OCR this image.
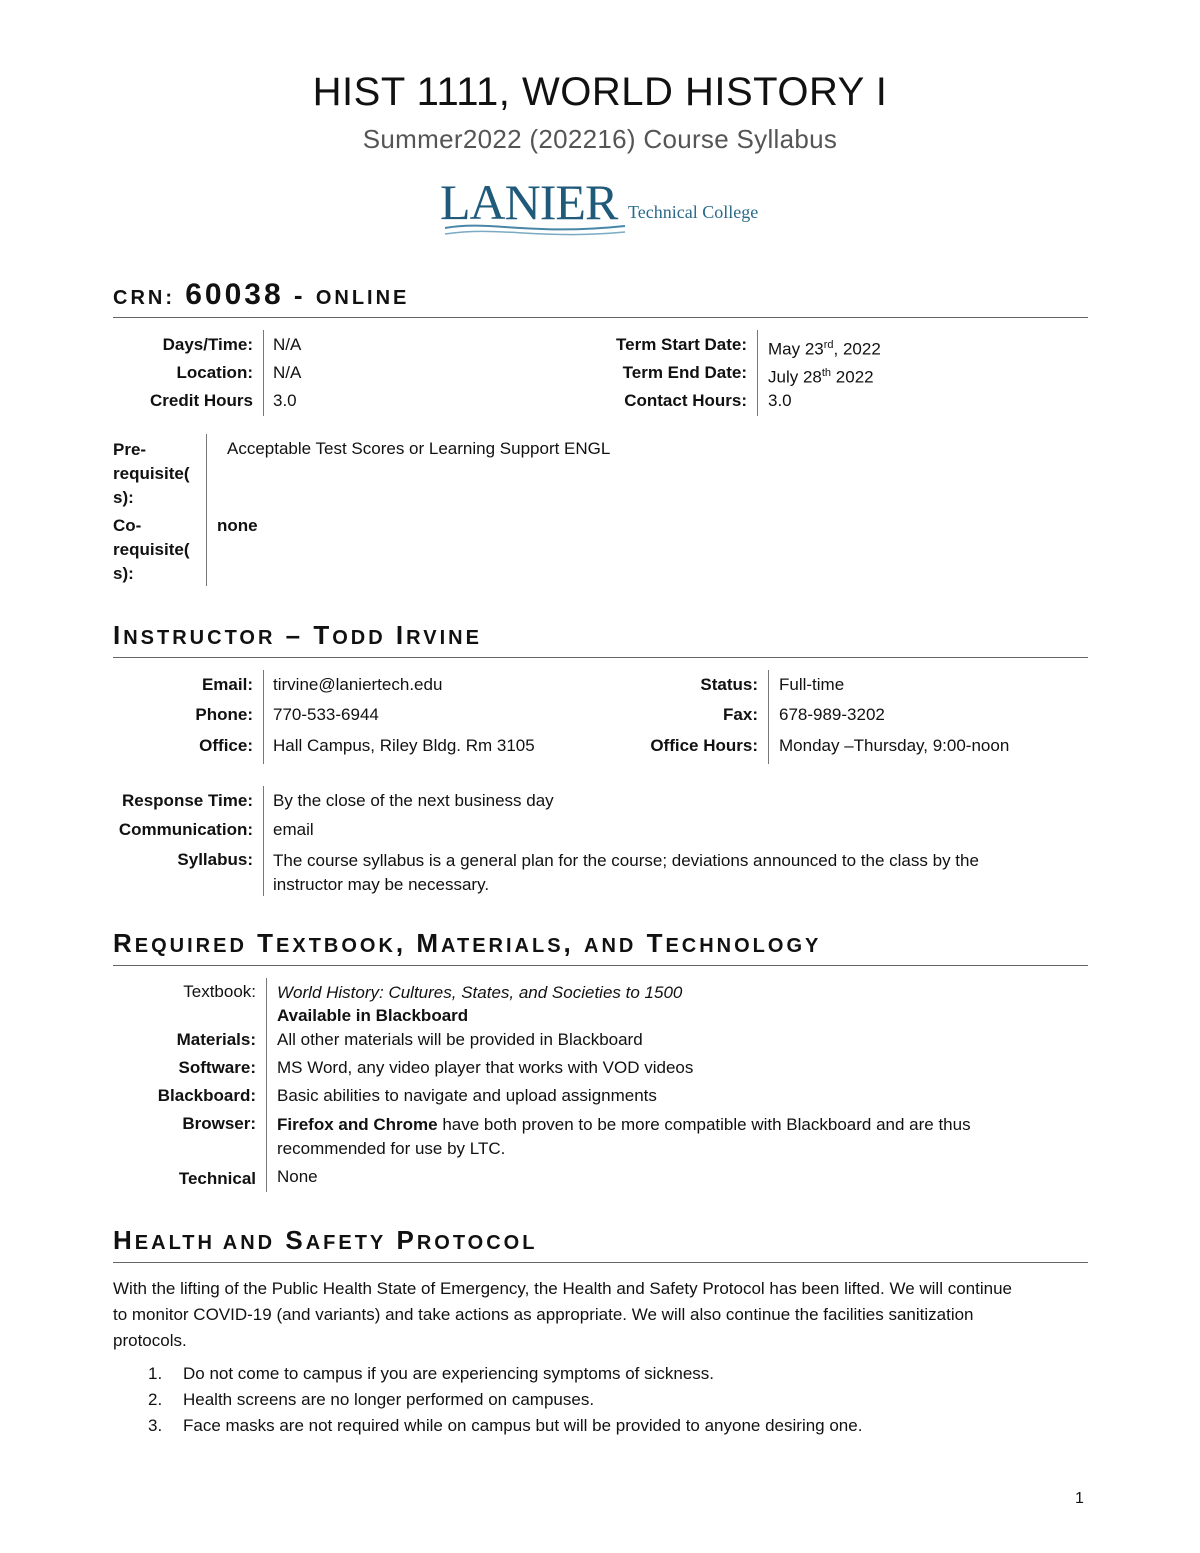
HIST 1111, WORLD HISTORY I
Summer2022 (202216) Course Syllabus
LANIER Technical College
CRN: 60038 - ONLINE
Days/Time: N/A
Location: N/A
Credit Hours 3.0
Term Start Date: May 23rd, 2022
Term End Date: July 28th 2022
Contact Hours: 3.0
Pre-
requisite(
s):
Acceptable Test Scores or Learning Support ENGL
Co-
requisite(
s):
none
INSTRUCTOR – TODD IRVINE
Email: tirvine@laniertech.edu
Phone: 770-533-6944
Office: Hall Campus, Riley Bldg. Rm 3105
Status: Full-time
Fax: 678-989-3202
Office Hours: Monday –Thursday, 9:00-noon
Response Time: By the close of the next business day
Communication: email
Syllabus: The course syllabus is a general plan for the course; deviations announced to the class by the
instructor may be necessary.
REQUIRED TEXTBOOK, MATERIALS, AND TECHNOLOGY
Textbook: World History: Cultures, States, and Societies to 1500
Available in Blackboard
Materials: All other materials will be provided in Blackboard
Software: MS Word, any video player that works with VOD videos
Blackboard: Basic abilities to navigate and upload assignments
Browser: Firefox and Chrome have both proven to be more compatible with Blackboard and are thus
recommended for use by LTC.
Technical None
HEALTH AND SAFETY PROTOCOL
With the lifting of the Public Health State of Emergency, the Health and Safety Protocol has been lifted. We will continue
to monitor COVID-19 (and variants) and take actions as appropriate. We will also continue the facilities sanitization
protocols.
1. Do not come to campus if you are experiencing symptoms of sickness.
2. Health screens are no longer performed on campuses.
3. Face masks are not required while on campus but will be provided to anyone desiring one.
1
